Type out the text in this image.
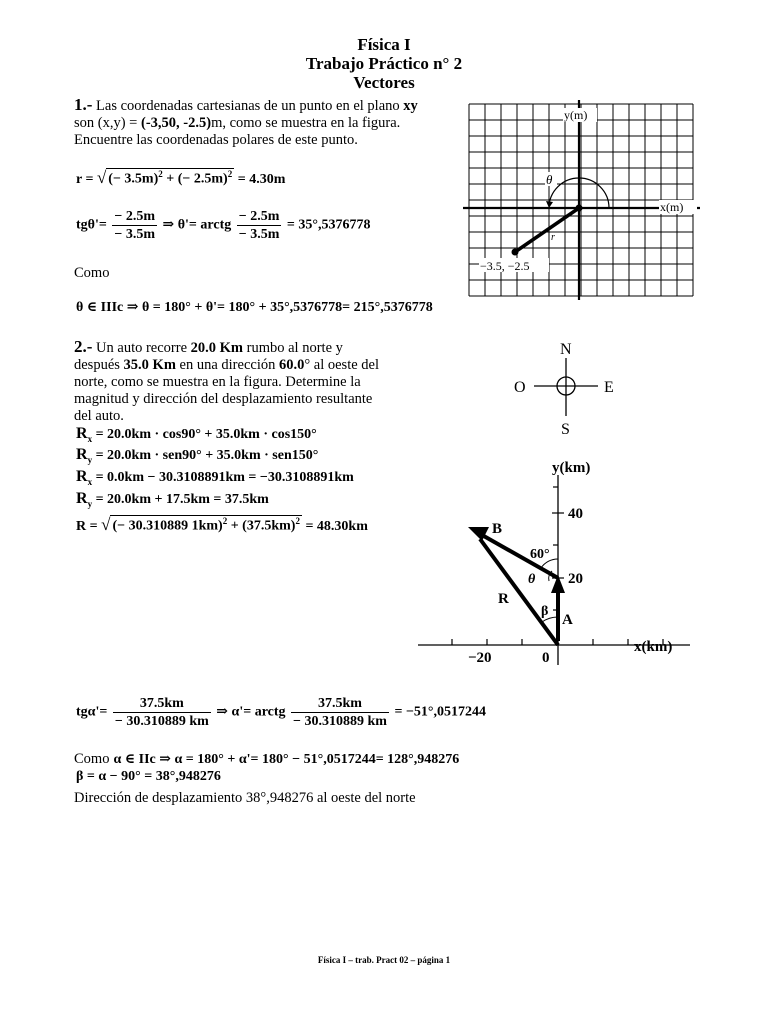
Física I
Trabajo Práctico n° 2
Vectores
1.- Las coordenadas cartesianas de un punto en el plano xy
son (x,y) = (-3,50, -2.5)m, como se muestra en la figura.
Encuentre las coordenadas polares de este punto.
r = √ (− 3.5m)$^2$ + (− 2.5m)$^2$ = 4.30m
$tg\theta'= \frac{- 2.5m}{- 3.5m}$ ⇒ θ'= arctg $\frac{- 2.5m}{- 3.5m} = 35^\circ,5376778$
Como
θ ∈ IIIc ⇒ θ = 180° + θ'= 180° + 35°,5376778= 215°,5376778
y(m)
x(m)
θ
r
−3.5, −2.5
2.- Un auto recorre 20.0 Km rumbo al norte y
después 35.0 Km en una dirección 60.0° al oeste del
norte, como se muestra en la figura. Determine la
magnitud y dirección del desplazamiento resultante
del auto.
$R_x = 20.0km \cdot \cos 90^\circ + 35.0km \cdot \cos 150^\circ$
$R_y = 20.0km \cdot sen90^\circ + 35.0km \cdot sen150^\circ$
$R_x = 0.0km - 30.3108891km = -30.3108891km$
$R_y = 20.0km + 17.5km = 37.5km$
R = √ (− 30.310889 $1km)^2 + (37.5km)^2 = 48.30km$
N
S
E
O
y(km)
x(km)
40
20
−20	0
B
A
R
60°
θ
β
$tg\alpha'= \frac{37.5km}{- 30.310889 km}$ ⇒ α'= arctg $\frac{37.5km}{- 30.310889 km} = -51^\circ,0517244$
Como α ∈ IIc ⇒ α = 180° + α'= 180° − 51°,0517244= 128°,948276
β = α − 90° = 38°,948276
Dirección de desplazamiento 38°,948276 al oeste del norte
Física I – trab. Pract 02 – página 1
